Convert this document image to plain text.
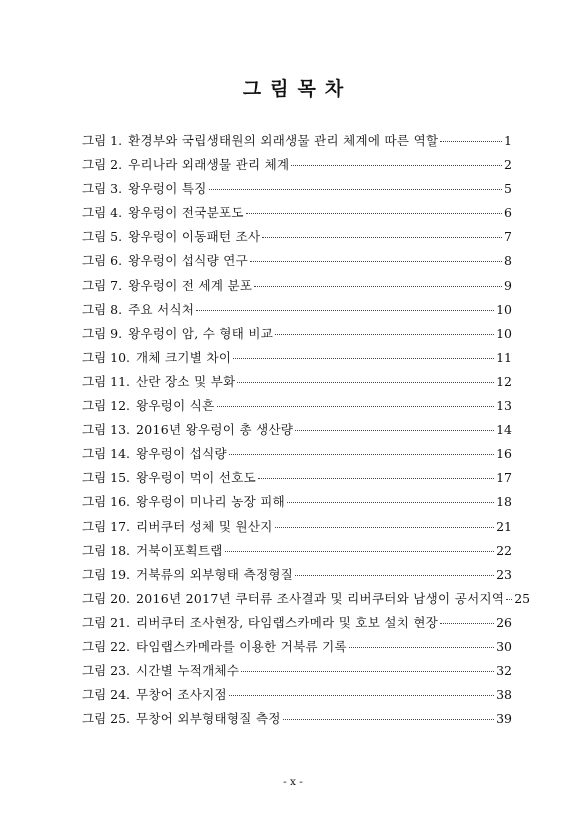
그림목차
그림 1. 환경부와 국립생태원의 외래생물 관리 체계에 따른 역할	1
그림 2. 우리나라 외래생물 관리 체계	2
그림 3. 왕우렁이 특징	5
그림 4. 왕우렁이 전국분포도	6
그림 5. 왕우렁이 이동패턴 조사	7
그림 6. 왕우렁이 섭식량 연구	8
그림 7. 왕우렁이 전 세계 분포	9
그림 8. 주요 서식처	10
그림 9. 왕우렁이 암, 수 형태 비교	10
그림 10. 개체 크기별 차이	11
그림 11. 산란 장소 및 부화	12
그림 12. 왕우렁이 식흔	13
그림 13. 2016년 왕우렁이 총 생산량	14
그림 14. 왕우렁이 섭식량	16
그림 15. 왕우렁이 먹이 선호도	17
그림 16. 왕우렁이 미나리 농장 피해	18
그림 17. 리버쿠터 성체 및 원산지	21
그림 18. 거북이포획트랩	22
그림 19. 거북류의 외부형태 측정형질	23
그림 20. 2016년 2017년 쿠터류 조사결과 및 리버쿠터와 남생이 공서지역 25
그림 21. 리버쿠터 조사현장, 타임랩스카메라 및 호보 설치 현장	26
그림 22. 타임랩스카메라를 이용한 거북류 기록	30
그림 23. 시간별 누적개체수	32
그림 24. 무창어 조사지점	38
그림 25. 무창어 외부형태형질 측정	39
- x -
